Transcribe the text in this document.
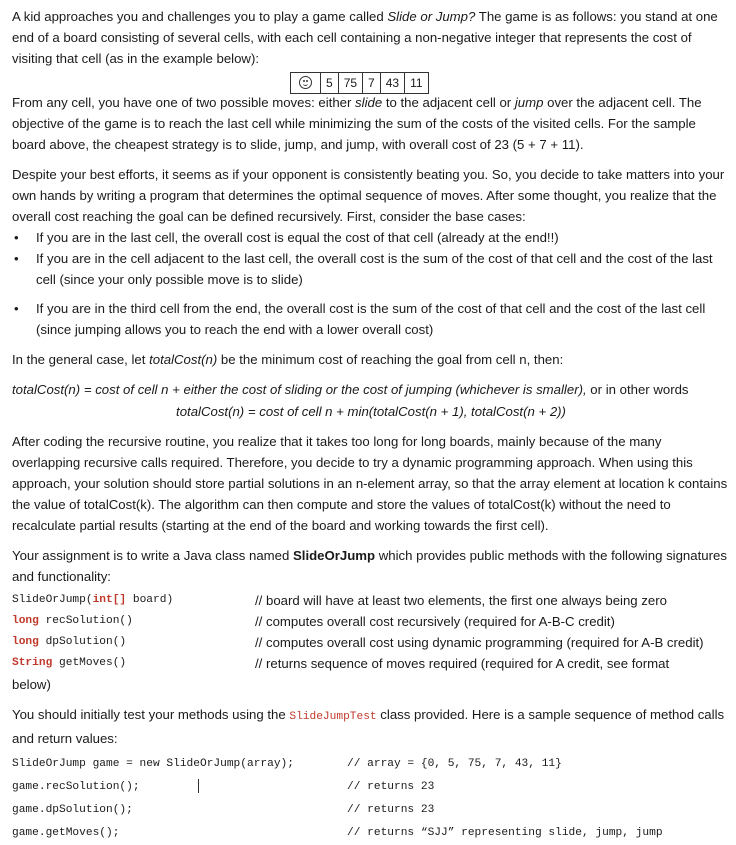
A kid approaches you and challenges you to play a game called Slide or Jump? The game is as follows: you stand at one end of a board consisting of several cells, with each cell containing a non-negative integer that represents the cost of visiting that cell (as in the example below):

5 75 7 43 11

From any cell, you have one of two possible moves: either slide to the adjacent cell or jump over the adjacent cell. The objective of the game is to reach the last cell while minimizing the sum of the costs of the visited cells. For the sample board above, the cheapest strategy is to slide, jump, and jump, with overall cost of 23 (5 + 7 + 11).

Despite your best efforts, it seems as if your opponent is consistently beating you. So, you decide to take matters into your own hands by writing a program that determines the optimal sequence of moves. After some thought, you realize that the overall cost reaching the goal can be defined recursively. First, consider the base cases:

• If you are in the last cell, the overall cost is equal the cost of that cell (already at the end!!)
• If you are in the cell adjacent to the last cell, the overall cost is the sum of the cost of that cell and the cost of the last cell (since your only possible move is to slide)
• If you are in the third cell from the end, the overall cost is the sum of the cost of that cell and the cost of the last cell (since jumping allows you to reach the end with a lower overall cost)

In the general case, let totalCost(n) be the minimum cost of reaching the goal from cell n, then:

totalCost(n) = cost of cell n + either the cost of sliding or the cost of jumping (whichever is smaller), or in other words

totalCost(n) = cost of cell n + min(totalCost(n + 1), totalCost(n + 2))

After coding the recursive routine, you realize that it takes too long for long boards, mainly because of the many overlapping recursive calls required. Therefore, you decide to try a dynamic programming approach. When using this approach, your solution should store partial solutions in an n-element array, so that the array element at location k contains the value of totalCost(k). The algorithm can then compute and store the values of totalCost(k) without the need to recalculate partial results (starting at the end of the board and working towards the first cell).

Your assignment is to write a Java class named SlideOrJump which provides public methods with the following signatures and functionality:

SlideOrJump(int[] board)	// board will have at least two elements, the first one always being zero
long recSolution()	// computes overall cost recursively (required for A-B-C credit)
long dpSolution()	// computes overall cost using dynamic programming (required for A-B credit)
String getMoves()	// returns sequence of moves required (required for A credit, see format

below)

You should initially test your methods using the SlideJumpTest class provided. Here is a sample sequence of method calls and return values:

SlideOrJump game = new SlideOrJump(array);	// array = {0, 5, 75, 7, 43, 11}
game.recSolution();	// returns 23
game.dpSolution();	// returns 23
game.getMoves();	// returns “SJJ” representing slide, jump, jump
